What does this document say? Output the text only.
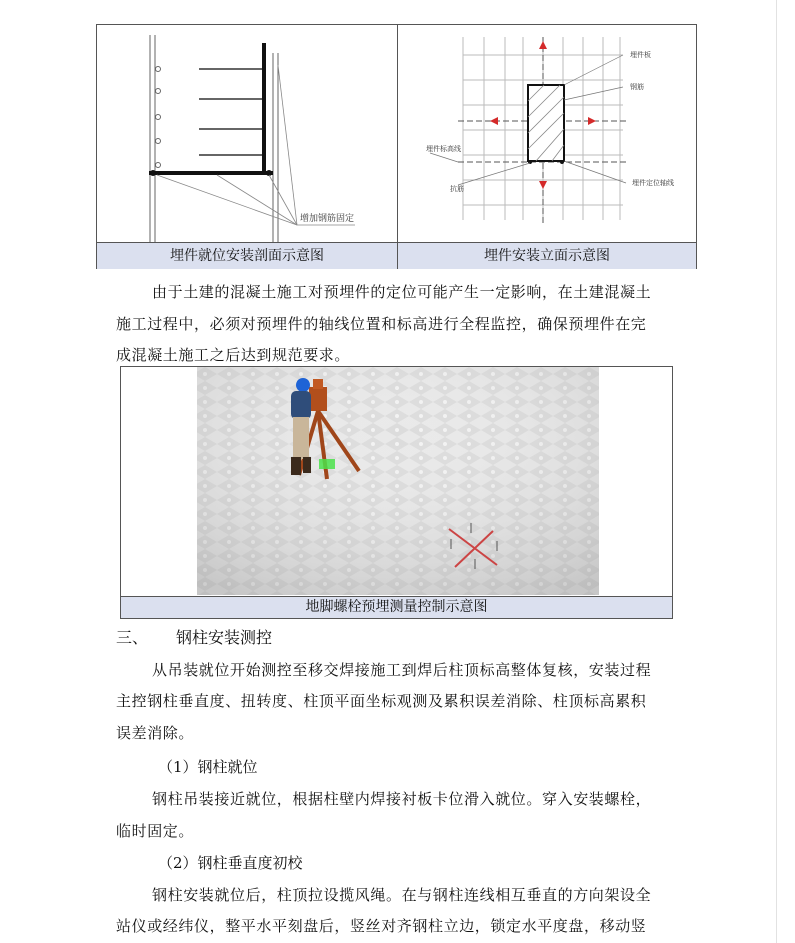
增加钢筋固定
埋件板
钢筋
埋件标高线
埋件定位轴线
抗筋
埋件就位安装剖面示意图	埋件安装立面示意图
由于土建的混凝土施工对预埋件的定位可能产生一定影响，在土建混凝土
施工过程中，必须对预埋件的轴线位置和标高进行全程监控，确保预埋件在完
成混凝土施工之后达到规范要求。
地脚螺栓预埋测量控制示意图
三、 钢柱安装测控
从吊装就位开始测控至移交焊接施工到焊后柱顶标高整体复核，安装过程
主控钢柱垂直度、扭转度、柱顶平面坐标观测及累积误差消除、柱顶标高累积
误差消除。
（1）钢柱就位
钢柱吊装接近就位，根据柱壁内焊接衬板卡位滑入就位。穿入安装螺栓，
临时固定。
（2）钢柱垂直度初校
钢柱安装就位后，柱顶拉设揽风绳。在与钢柱连线相互垂直的方向架设全
站仪或经纬仪，整平水平刻盘后，竖丝对齐钢柱立边，锁定水平度盘，移动竖
